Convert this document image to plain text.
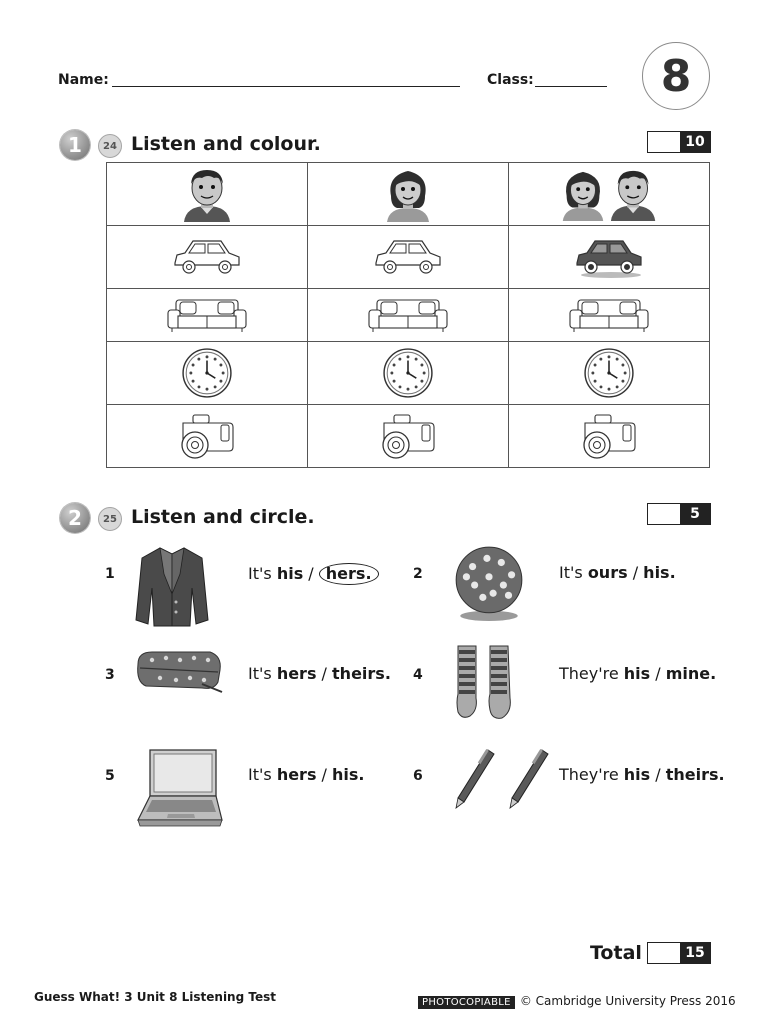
Name:	Class:	8
1	24 Listen and colour.	10

2	25 Listen and circle.	5
1	It's his / hers.	2	It's ours / his.
3	It's hers / theirs. 4	They're his / mine.
5	It's hers / his.	6	They're his / theirs.
Total	15
Guess What! 3 Unit 8 Listening Test	PHOTOCOPIABLE © Cambridge University Press 2016
